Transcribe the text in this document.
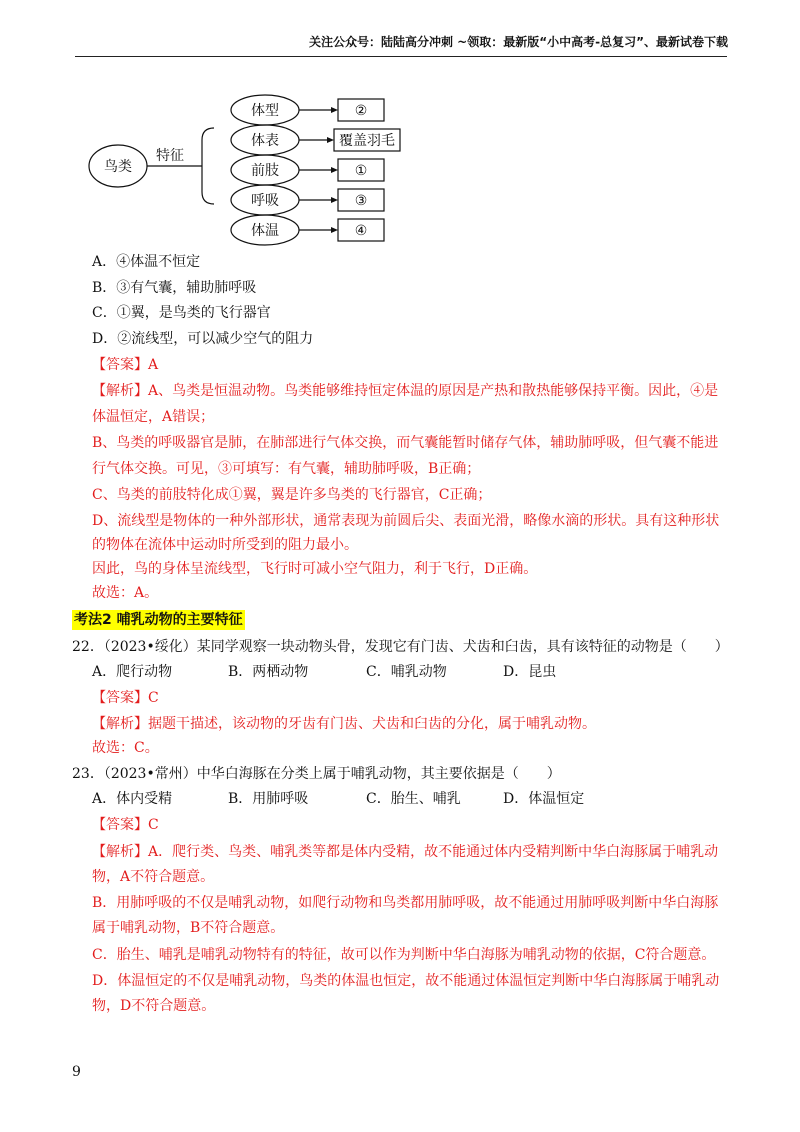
关注公众号：陆陆高分冲刺 ~领取：最新版“小中高考-总复习”、最新试卷下载
鸟类
特征
体型
体表
前肢
呼吸
体温
②
覆盖羽毛
①
③
④
A．④体温不恒定
B．③有气囊，辅助肺呼吸
C．①翼，是鸟类的飞行器官
D．②流线型，可以减少空气的阻力
【答案】A
【解析】A、鸟类是恒温动物。鸟类能够维持恒定体温的原因是产热和散热能够保持平衡。因此，④是
体温恒定，A错误；
B、鸟类的呼吸器官是肺，在肺部进行气体交换，而气囊能暂时储存气体，辅助肺呼吸，但气囊不能进
行气体交换。可见，③可填写：有气囊，辅助肺呼吸，B正确；
C、鸟类的前肢特化成①翼，翼是许多鸟类的飞行器官，C正确；
D、流线型是物体的一种外部形状，通常表现为前圆后尖、表面光滑，略像水滴的形状。具有这种形状
的物体在流体中运动时所受到的阻力最小。
因此，鸟的身体呈流线型，飞行时可减小空气阻力，利于飞行，D正确。
故选：A。
考法2 哺乳动物的主要特征
22．（2023•绥化）某同学观察一块动物头骨，发现它有门齿、犬齿和臼齿，具有该特征的动物是（　　）
A．爬行动物	B．两栖动物	C．哺乳动物	D．昆虫
【答案】C
【解析】据题干描述，该动物的牙齿有门齿、犬齿和臼齿的分化，属于哺乳动物。
故选：C。
23．（2023•常州）中华白海豚在分类上属于哺乳动物，其主要依据是（　　）
A．体内受精	B．用肺呼吸	C．胎生、哺乳	D．体温恒定
【答案】C
【解析】A．爬行类、鸟类、哺乳类等都是体内受精，故不能通过体内受精判断中华白海豚属于哺乳动
物，A不符合题意。
B．用肺呼吸的不仅是哺乳动物，如爬行动物和鸟类都用肺呼吸，故不能通过用肺呼吸判断中华白海豚
属于哺乳动物，B不符合题意。
C．胎生、哺乳是哺乳动物特有的特征，故可以作为判断中华白海豚为哺乳动物的依据，C符合题意。
D．体温恒定的不仅是哺乳动物，鸟类的体温也恒定，故不能通过体温恒定判断中华白海豚属于哺乳动
物，D不符合题意。
9
